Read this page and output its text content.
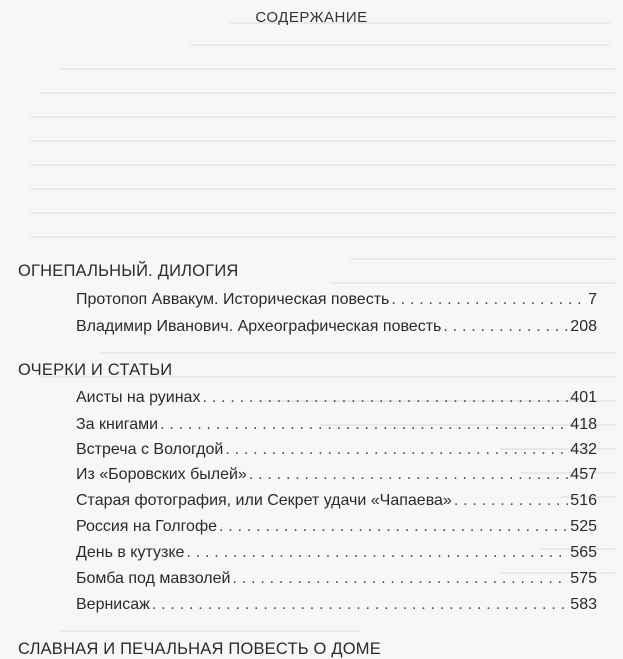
СОДЕРЖАНИЕ
ОГНЕПАЛЬНЫЙ. ДИЛОГИЯ
Протопоп Аввакум. Историческая повесть . . .	7
Владимир Иванович. Археографическая повесть . . .	208
ОЧЕРКИ И СТАТЬИ
Аисты на руинах . . .	401
За книгами . . .	418
Встреча с Вологдой . . .	432
Из «Боровских былей» . . .	457
Старая фотография, или Секрет удачи «Чапаева» . . .	516
Россия на Голгофе . . .	525
День в кутузке . . .	565
Бомба под мавзолей . . .	575
Вернисаж . . .	583
СЛАВНАЯ И ПЕЧАЛЬНАЯ ПОВЕСТЬ О ДОМЕ
